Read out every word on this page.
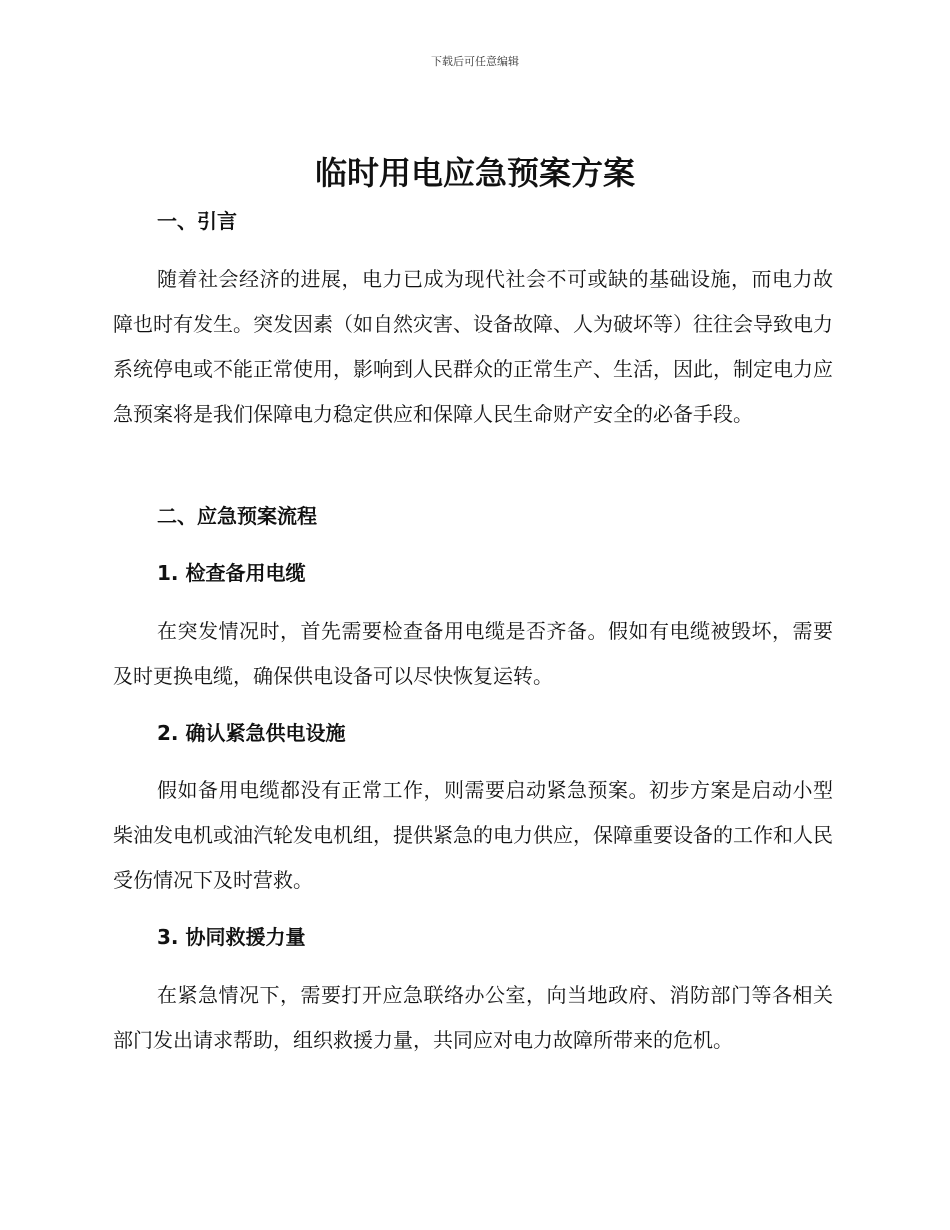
下载后可任意编辑
临时用电应急预案方案
一、引言

随着社会经济的进展，电力已成为现代社会不可或缺的基础设施，而电力故障也时有发生。突发因素（如自然灾害、设备故障、人为破坏等）往往会导致电力系统停电或不能正常使用，影响到人民群众的正常生产、生活，因此，制定电力应急预案将是我们保障电力稳定供应和保障人民生命财产安全的必备手段。

二、应急预案流程
1. 检查备用电缆

在突发情况时，首先需要检查备用电缆是否齐备。假如有电缆被毁坏，需要及时更换电缆，确保供电设备可以尽快恢复运转。

2. 确认紧急供电设施

假如备用电缆都没有正常工作，则需要启动紧急预案。初步方案是启动小型柴油发电机或油汽轮发电机组，提供紧急的电力供应，保障重要设备的工作和人民受伤情况下及时营救。

3. 协同救援力量

在紧急情况下，需要打开应急联络办公室，向当地政府、消防部门等各相关部门发出请求帮助，组织救援力量，共同应对电力故障所带来的危机。
